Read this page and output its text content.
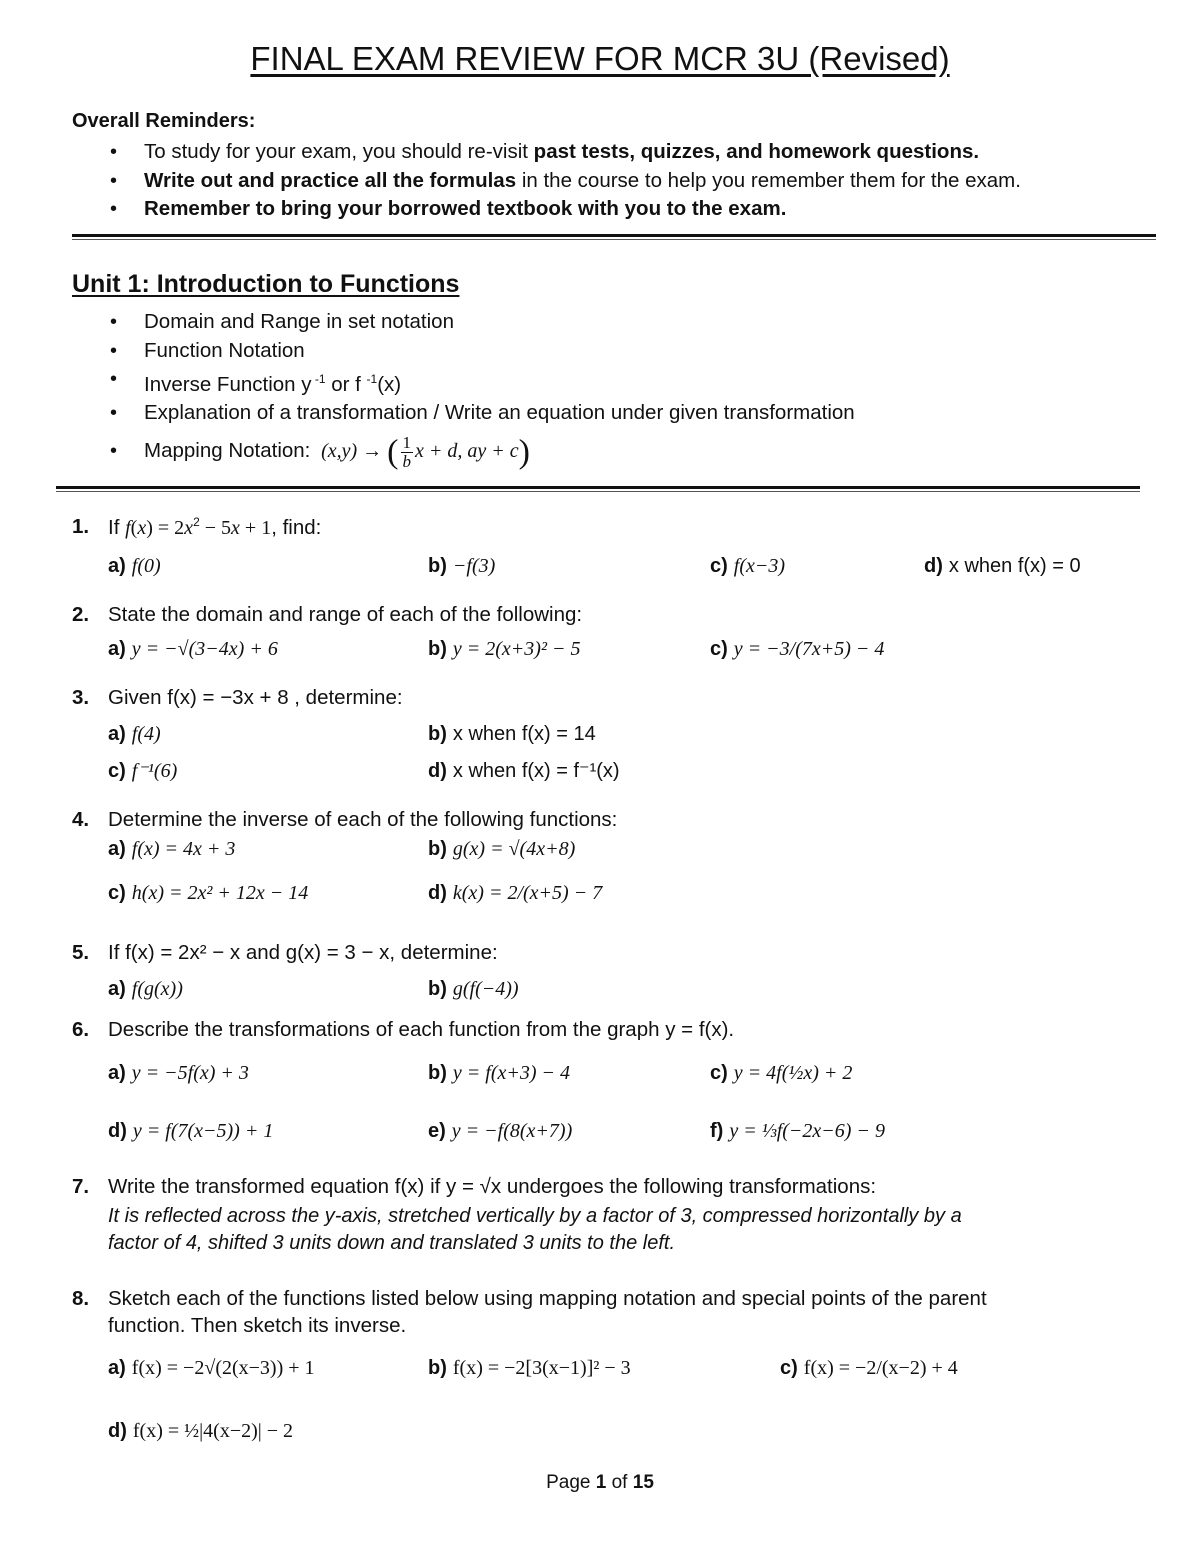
FINAL EXAM REVIEW FOR MCR 3U (Revised)
Overall Reminders:
• To study for your exam, you should re-visit past tests, quizzes, and homework questions.
• Write out and practice all the formulas in the course to help you remember them for the exam.
• Remember to bring your borrowed textbook with you to the exam.
Unit 1: Introduction to Functions
• Domain and Range in set notation
• Function Notation
• Inverse Function y $^{-1}$ or f $^{-1}$(x)
• Explanation of a transformation / Write an equation under given transformation
• Mapping Notation:  (x,y) → ( $\frac{1}{b}$ x + d, ay + c)
1. If $f(x) = 2x^2 - 5x + 1$, find:
a) f(0)	b) −f(3)	c) f(x−3)	d) x when f(x) = 0
2. State the domain and range of each of the following:
a) y = −√(3−4x) + 6	b) y = 2(x+3)² − 5	c) y = −3/(7x+5) − 4
3. Given f(x) = −3x + 8 , determine:
a) f(4)	b) x when f(x) = 14
c) f⁻¹(6)	d) x when f(x) = f⁻¹(x)
4. Determine the inverse of each of the following functions:
a) f(x) = 4x + 3	b) g(x) = √(4x+8)
c) h(x) = 2x² + 12x − 14	d) k(x) = 2/(x+5) − 7
5. If f(x) = 2x² − x and g(x) = 3 − x, determine:
a) f(g(x))	b) g(f(−4))
6. Describe the transformations of each function from the graph y = f(x).
a) y = −5f(x) + 3	b) y = f(x+3) − 4	c) y = 4f(½x) + 2
d) y = f(7(x−5)) + 1	e) y = −f(8(x+7))	f) y = ⅓f(−2x−6) − 9
7. Write the transformed equation f(x) if y = √x undergoes the following transformations:
It is reflected across the y-axis, stretched vertically by a factor of 3, compressed horizontally by a
factor of 4, shifted 3 units down and translated 3 units to the left.
8. Sketch each of the functions listed below using mapping notation and special points of the parent
function. Then sketch its inverse.
a) f(x) = −2√(2(x−3)) + 1	b) f(x) = −2[3(x−1)]² − 3	c) f(x) = −2/(x−2) + 4
d) f(x) = ½|4(x−2)| − 2
Page 1 of 15
